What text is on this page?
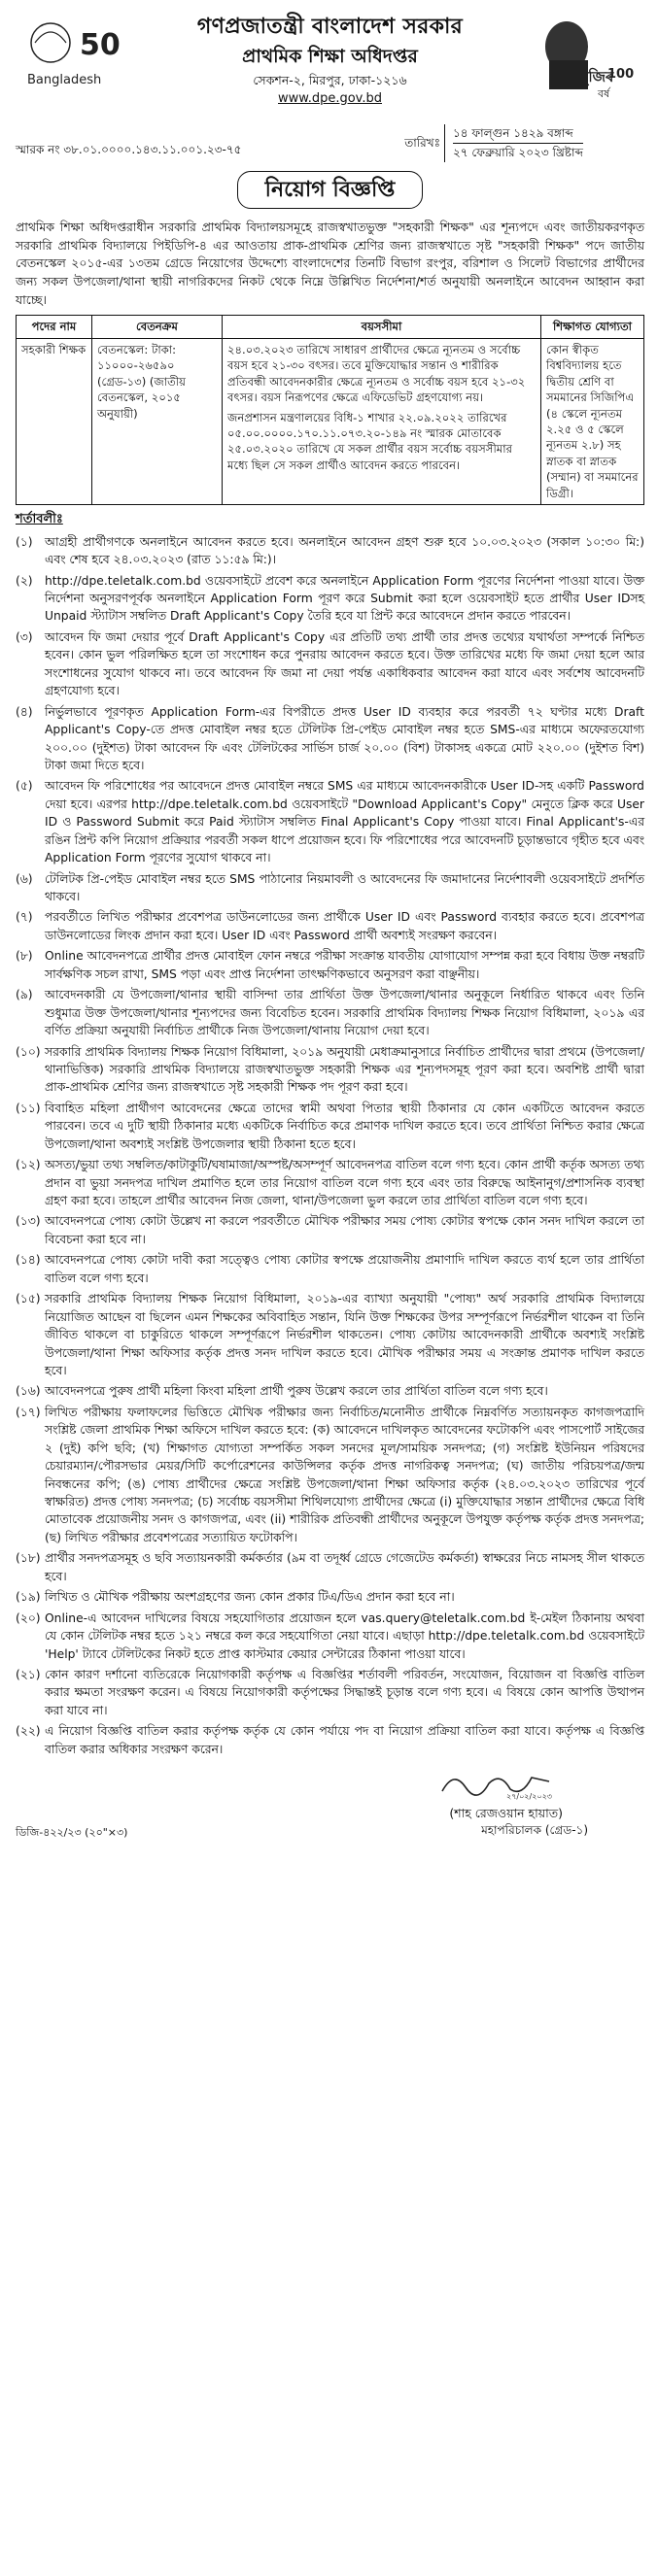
50
Bangladesh
গণপ্রজাতন্ত্রী বাংলাদেশ সরকার
প্রাথমিক শিক্ষা অধিদপ্তর
সেকশন-২, মিরপুর, ঢাকা-১২১৬
www.dpe.gov.bd
মুজিব
বর্ষ
100
স্মারক নং ৩৮.০১.০০০০.১৪৩.১১.০০১.২৩-৭৫	তারিখঃ
১৪ ফাল্গুন ১৪২৯ বঙ্গাব্দ
২৭ ফেব্রুয়ারি ২০২৩ খ্রিষ্টাব্দ
নিয়োগ বিজ্ঞপ্তি

প্রাথমিক শিক্ষা অধিদপ্তরাধীন সরকারি প্রাথমিক বিদ্যালয়সমূহে রাজস্বখাতভুক্ত "সহকারী শিক্ষক" এর শূন্যপদে এবং জাতীয়করণকৃত সরকারি প্রাথমিক বিদ্যালয়ে পিইডিপি-৪ এর আওতায় প্রাক-প্রাথমিক শ্রেণির জন্য রাজস্বখাতে সৃষ্ট "সহকারী শিক্ষক" পদে জাতীয় বেতনস্কেল ২০১৫-এর ১৩তম গ্রেডে নিয়োগের উদ্দেশ্যে বাংলাদেশের তিনটি বিভাগ রংপুর, বরিশাল ও সিলেট বিভাগের প্রার্থীদের জন্য সকল উপজেলা/থানা স্থায়ী নাগরিকদের নিকট থেকে নিম্নে উল্লিখিত নির্দেশনা/শর্ত অনুযায়ী অনলাইনে আবেদন আহ্বান করা যাচ্ছে।

পদের নাম	বেতনক্রম	বয়সসীমা	শিক্ষাগত যোগ্যতা
সহকারী শিক্ষক	বেতনস্কেল: টাকা: ১১০০০-২৬৫৯০ (গ্রেড-১৩) (জাতীয় বেতনস্কেল, ২০১৫ অনুযায়ী)	২৪.০৩.২০২৩ তারিখে সাধারণ প্রার্থীদের ক্ষেত্রে ন্যূনতম ও সর্বোচ্চ বয়স হবে ২১-৩০ বৎসর। তবে মুক্তিযোদ্ধার সন্তান ও শারীরিক প্রতিবন্ধী আবেদনকারীর ক্ষেত্রে ন্যূনতম ও সর্বোচ্চ বয়স হবে ২১-৩২ বৎসর। বয়স নিরূপণের ক্ষেত্রে এফিডেভিট গ্রহণযোগ্য নয়।
জনপ্রশাসন মন্ত্রণালয়ের বিধি-১ শাখার ২২.০৯.২০২২ তারিখের ০৫.০০.০০০০.১৭০.১১.০৭৩.২০-১৪৯ নং স্মারক মোতাবেক ২৫.০৩.২০২০ তারিখে যে সকল প্রার্থীর বয়স সর্বোচ্চ বয়সসীমার মধ্যে ছিল সে সকল প্রার্থীও আবেদন করতে পারবেন।	কোন স্বীকৃত বিশ্ববিদ্যালয় হতে দ্বিতীয় শ্রেণি বা সমমানের সিজিপিএ (৪ স্কেলে ন্যূনতম ২.২৫ ও ৫ স্কেলে ন্যূনতম ২.৮) সহ স্নাতক বা স্নাতক (সম্মান) বা সমমানের ডিগ্রী।
শর্তাবলীঃ
(১)	আগ্রহী প্রার্থীগণকে অনলাইনে আবেদন করতে হবে। অনলাইনে আবেদন গ্রহণ শুরু হবে ১০.০৩.২০২৩ (সকাল ১০:৩০ মি:) এবং শেষ হবে ২৪.০৩.২০২৩ (রাত ১১:৫৯ মি:)।
(২)	http://dpe.teletalk.com.bd ওয়েবসাইটে প্রবেশ করে অনলাইনে Application Form পূরণের নির্দেশনা পাওয়া যাবে। উক্ত নির্দেশনা অনুসরণপূর্বক অনলাইনে Application Form পূরণ করে Submit করা হলে ওয়েবসাইট হতে প্রার্থীর User IDসহ Unpaid স্ট্যাটাস সম্বলিত Draft Applicant's Copy তৈরি হবে যা প্রিন্ট করে আবেদনে প্রদান করতে পারবেন।
(৩)	আবেদন ফি জমা দেয়ার পূর্বে Draft Applicant's Copy এর প্রতিটি তথ্য প্রার্থী তার প্রদত্ত তথ্যের যথার্থতা সম্পর্কে নিশ্চিত হবেন। কোন ভুল পরিলক্ষিত হলে তা সংশোধন করে পুনরায় আবেদন করতে হবে। উক্ত তারিখের মধ্যে ফি জমা দেয়া হলে আর সংশোধনের সুযোগ থাকবে না। তবে আবেদন ফি জমা না দেয়া পর্যন্ত একাধিকবার আবেদন করা যাবে এবং সর্বশেষ আবেদনটি গ্রহণযোগ্য হবে।
(৪)	নির্ভুলভাবে পূরণকৃত Application Form-এর বিপরীতে প্রদত্ত User ID ব্যবহার করে পরবর্তী ৭২ ঘণ্টার মধ্যে Draft Applicant's Copy-তে প্রদত্ত মোবাইল নম্বর হতে টেলিটক প্রি-পেইড মোবাইল নম্বর হতে SMS-এর মাধ্যমে অফেরতযোগ্য ২০০.০০ (দুইশত) টাকা আবেদন ফি এবং টেলিটকের সার্ভিস চার্জ ২০.০০ (বিশ) টাকাসহ একত্রে মোট ২২০.০০ (দুইশত বিশ) টাকা জমা দিতে হবে।
(৫)	আবেদন ফি পরিশোধের পর আবেদনে প্রদত্ত মোবাইল নম্বরে SMS এর মাধ্যমে আবেদনকারীকে User ID-সহ একটি Password দেয়া হবে। এরপর http://dpe.teletalk.com.bd ওয়েবসাইটে "Download Applicant's Copy" মেনুতে ক্লিক করে User ID ও Password Submit করে Paid স্ট্যাটাস সম্বলিত Final Applicant's Copy পাওয়া যাবে। Final Applicant's-এর রঙিন প্রিন্ট কপি নিয়োগ প্রক্রিয়ার পরবর্তী সকল ধাপে প্রয়োজন হবে। ফি পরিশোধের পরে আবেদনটি চূড়ান্তভাবে গৃহীত হবে এবং Application Form পূরণের সুযোগ থাকবে না।
(৬)	টেলিটক প্রি-পেইড মোবাইল নম্বর হতে SMS পাঠানোর নিয়মাবলী ও আবেদনের ফি জমাদানের নির্দেশাবলী ওয়েবসাইটে প্রদর্শিত থাকবে।
(৭)	পরবর্তীতে লিখিত পরীক্ষার প্রবেশপত্র ডাউনলোডের জন্য প্রার্থীকে User ID এবং Password ব্যবহার করতে হবে। প্রবেশপত্র ডাউনলোডের লিংক প্রদান করা হবে। User ID এবং Password প্রার্থী অবশ্যই সংরক্ষণ করবেন।
(৮)	Online আবেদনপত্রে প্রার্থীর প্রদত্ত মোবাইল ফোন নম্বরে পরীক্ষা সংক্রান্ত যাবতীয় যোগাযোগ সম্পন্ন করা হবে বিধায় উক্ত নম্বরটি সার্বক্ষণিক সচল রাখা, SMS পড়া এবং প্রাপ্ত নির্দেশনা তাৎক্ষণিকভাবে অনুসরণ করা বাঞ্ছনীয়।
(৯)	আবেদনকারী যে উপজেলা/থানার স্থায়ী বাসিন্দা তার প্রার্থিতা উক্ত উপজেলা/থানার অনুকূলে নির্ধারিত থাকবে এবং তিনি শুধুমাত্র উক্ত উপজেলা/থানার শূন্যপদের জন্য বিবেচিত হবেন। সরকারি প্রাথমিক বিদ্যালয় শিক্ষক নিয়োগ বিধিমালা, ২০১৯ এর বর্ণিত প্রক্রিয়া অনুযায়ী নির্বাচিত প্রার্থীকে নিজ উপজেলা/থানায় নিয়োগ দেয়া হবে।
(১০) সরকারি প্রাথমিক বিদ্যালয় শিক্ষক নিয়োগ বিধিমালা, ২০১৯ অনুযায়ী মেধাক্রমানুসারে নির্বাচিত প্রার্থীদের দ্বারা প্রথমে (উপজেলা/থানাভিত্তিক) সরকারি প্রাথমিক বিদ্যালয়ে রাজস্বখাতভুক্ত সহকারী শিক্ষক এর শূন্যপদসমূহ পূরণ করা হবে। অবশিষ্ট প্রার্থী দ্বারা প্রাক-প্রাথমিক শ্রেণির জন্য রাজস্বখাতে সৃষ্ট সহকারী শিক্ষক পদ পূরণ করা হবে।
(১১) বিবাহিত মহিলা প্রার্থীগণ আবেদনের ক্ষেত্রে তাদের স্বামী অথবা পিতার স্থায়ী ঠিকানার যে কোন একটিতে আবেদন করতে পারবেন। তবে এ দুটি স্থায়ী ঠিকানার মধ্যে একটিকে নির্বাচিত করে প্রমাণক দাখিল করতে হবে। তবে প্রার্থিতা নিশ্চিত করার ক্ষেত্রে উপজেলা/থানা অবশ্যই সংশ্লিষ্ট উপজেলার স্থায়ী ঠিকানা হতে হবে।
(১২) অসত্য/ভুয়া তথ্য সম্বলিত/কাটাকুটি/ঘষামাজা/অস্পষ্ট/অসম্পূর্ণ আবেদনপত্র বাতিল বলে গণ্য হবে। কোন প্রার্থী কর্তৃক অসত্য তথ্য প্রদান বা ভুয়া সনদপত্র দাখিল প্রমাণিত হলে তার নিয়োগ বাতিল বলে গণ্য হবে এবং তার বিরুদ্ধে আইনানুগ/প্রশাসনিক ব্যবস্থা গ্রহণ করা হবে। তাহলে প্রার্থীর আবেদন নিজ জেলা, থানা/উপজেলা ভুল করলে তার প্রার্থিতা বাতিল বলে গণ্য হবে।
(১৩) আবেদনপত্রে পোষ্য কোটা উল্লেখ না করলে পরবর্তীতে মৌখিক পরীক্ষার সময় পোষ্য কোটার স্বপক্ষে কোন সনদ দাখিল করলে তা বিবেচনা করা হবে না।
(১৪) আবেদনপত্রে পোষ্য কোটা দাবী করা সত্ত্বেও পোষ্য কোটার স্বপক্ষে প্রয়োজনীয় প্রমাণাদি দাখিল করতে ব্যর্থ হলে তার প্রার্থিতা বাতিল বলে গণ্য হবে।
(১৫) সরকারি প্রাথমিক বিদ্যালয় শিক্ষক নিয়োগ বিধিমালা, ২০১৯-এর ব্যাখ্যা অনুযায়ী "পোষ্য" অর্থ সরকারি প্রাথমিক বিদ্যালয়ে নিয়োজিত আছেন বা ছিলেন এমন শিক্ষকের অবিবাহিত সন্তান, যিনি উক্ত শিক্ষকের উপর সম্পূর্ণরূপে নির্ভরশীল থাকেন বা তিনি জীবিত থাকলে বা চাকুরিতে থাকলে সম্পূর্ণরূপে নির্ভরশীল থাকতেন। পোষ্য কোটায় আবেদনকারী প্রার্থীকে অবশ্যই সংশ্লিষ্ট উপজেলা/থানা শিক্ষা অফিসার কর্তৃক প্রদত্ত সনদ দাখিল করতে হবে। মৌখিক পরীক্ষার সময় এ সংক্রান্ত প্রমাণক দাখিল করতে হবে।
(১৬) আবেদনপত্রে পুরুষ প্রার্থী মহিলা কিংবা মহিলা প্রার্থী পুরুষ উল্লেখ করলে তার প্রার্থিতা বাতিল বলে গণ্য হবে।
(১৭) লিখিত পরীক্ষায় ফলাফলের ভিত্তিতে মৌখিক পরীক্ষার জন্য নির্বাচিত/মনোনীত প্রার্থীকে নিম্নবর্ণিত সত্যায়নকৃত কাগজপত্রাদি সংশ্লিষ্ট জেলা প্রাথমিক শিক্ষা অফিসে দাখিল করতে হবে: (ক) আবেদনে দাখিলকৃত আবেদনের ফটোকপি এবং পাসপোর্ট সাইজের ২ (দুই) কপি ছবি; (খ) শিক্ষাগত যোগ্যতা সম্পর্কিত সকল সনদের মূল/সাময়িক সনদপত্র; (গ) সংশ্লিষ্ট ইউনিয়ন পরিষদের চেয়ারম্যান/পৌরসভার মেয়র/সিটি কর্পোরেশনের কাউন্সিলর কর্তৃক প্রদত্ত নাগরিকত্ব সনদপত্র; (ঘ) জাতীয় পরিচয়পত্র/জন্ম নিবন্ধনের কপি; (ঙ) পোষ্য প্রার্থীদের ক্ষেত্রে সংশ্লিষ্ট উপজেলা/থানা শিক্ষা অফিসার কর্তৃক (২৪.০৩.২০২৩ তারিখের পূর্বে স্বাক্ষরিত) প্রদত্ত পোষ্য সনদপত্র; (চ) সর্বোচ্চ বয়সসীমা শিথিলযোগ্য প্রার্থীদের ক্ষেত্রে (i) মুক্তিযোদ্ধার সন্তান প্রার্থীদের ক্ষেত্রে বিধি মোতাবেক প্রয়োজনীয় সনদ ও কাগজপত্র, এবং (ii) শারীরিক প্রতিবন্ধী প্রার্থীদের অনুকূলে উপযুক্ত কর্তৃপক্ষ কর্তৃক প্রদত্ত সনদপত্র; (ছ) লিখিত পরীক্ষার প্রবেশপত্রের সত্যায়িত ফটোকপি।
(১৮) প্রার্থীর সনদপত্রসমূহ ও ছবি সত্যায়নকারী কর্মকর্তার (৯ম বা তদূর্ধ্ব গ্রেডে গেজেটেড কর্মকর্তা) স্বাক্ষরের নিচে নামসহ সীল থাকতে হবে।
(১৯) লিখিত ও মৌখিক পরীক্ষায় অংশগ্রহণের জন্য কোন প্রকার টিএ/ডিএ প্রদান করা হবে না।
(২০) Online-এ আবেদন দাখিলের বিষয়ে সহযোগিতার প্রয়োজন হলে vas.query@teletalk.com.bd ই-মেইল ঠিকানায় অথবা যে কোন টেলিটক নম্বর হতে ১২১ নম্বরে কল করে সহযোগিতা নেয়া যাবে। এছাড়া http://dpe.teletalk.com.bd ওয়েবসাইটে 'Help' ট্যাবে টেলিটকের নিকট হতে প্রাপ্ত কাস্টমার কেয়ার সেন্টারের ঠিকানা পাওয়া যাবে।
(২১) কোন কারণ দর্শানো ব্যতিরেকে নিয়োগকারী কর্তৃপক্ষ এ বিজ্ঞপ্তির শর্তাবলী পরিবর্তন, সংযোজন, বিয়োজন বা বিজ্ঞপ্তি বাতিল করার ক্ষমতা সংরক্ষণ করেন। এ বিষয়ে নিয়োগকারী কর্তৃপক্ষের সিদ্ধান্তই চূড়ান্ত বলে গণ্য হবে। এ বিষয়ে কোন আপত্তি উত্থাপন করা যাবে না।
(২২) এ নিয়োগ বিজ্ঞপ্তি বাতিল করার কর্তৃপক্ষ কর্তৃক যে কোন পর্যায়ে পদ বা নিয়োগ প্রক্রিয়া বাতিল করা যাবে। কর্তৃপক্ষ এ বিজ্ঞপ্তি বাতিল করার অধিকার সংরক্ষণ করেন।
২৭/০২/২০২৩
(শাহ রেজওয়ান হায়াত)
মহাপরিচালক (গ্রেড-১)
ডিজি-৪২২/২৩ (২০"×৩)
